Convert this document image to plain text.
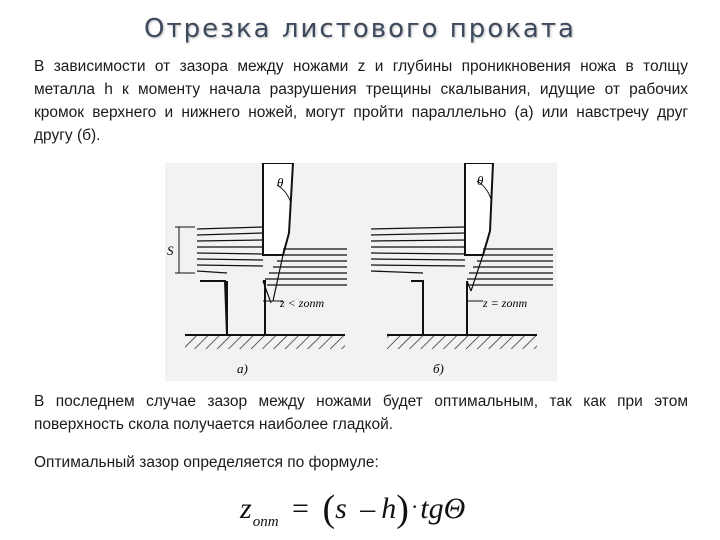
Отрезка листового проката

В зависимости от зазора между ножами z и глубины проникновения ножа в толщу металла h к моменту начала разрушения трещины скалывания, идущие от рабочих кромок верхнего и нижнего ножей, могут пройти параллельно (а) или навстречу друг другу (б).

S
θ
z < zопт
а)
θ
z = zопт
б)

В последнем случае зазор между ножами будет оптимальным, так как при этом поверхность скола получается наиболее гладкой.

Оптимальный зазор определяется по формуле:

$z_{опт} = (s - h)\cdot tg\Theta$
